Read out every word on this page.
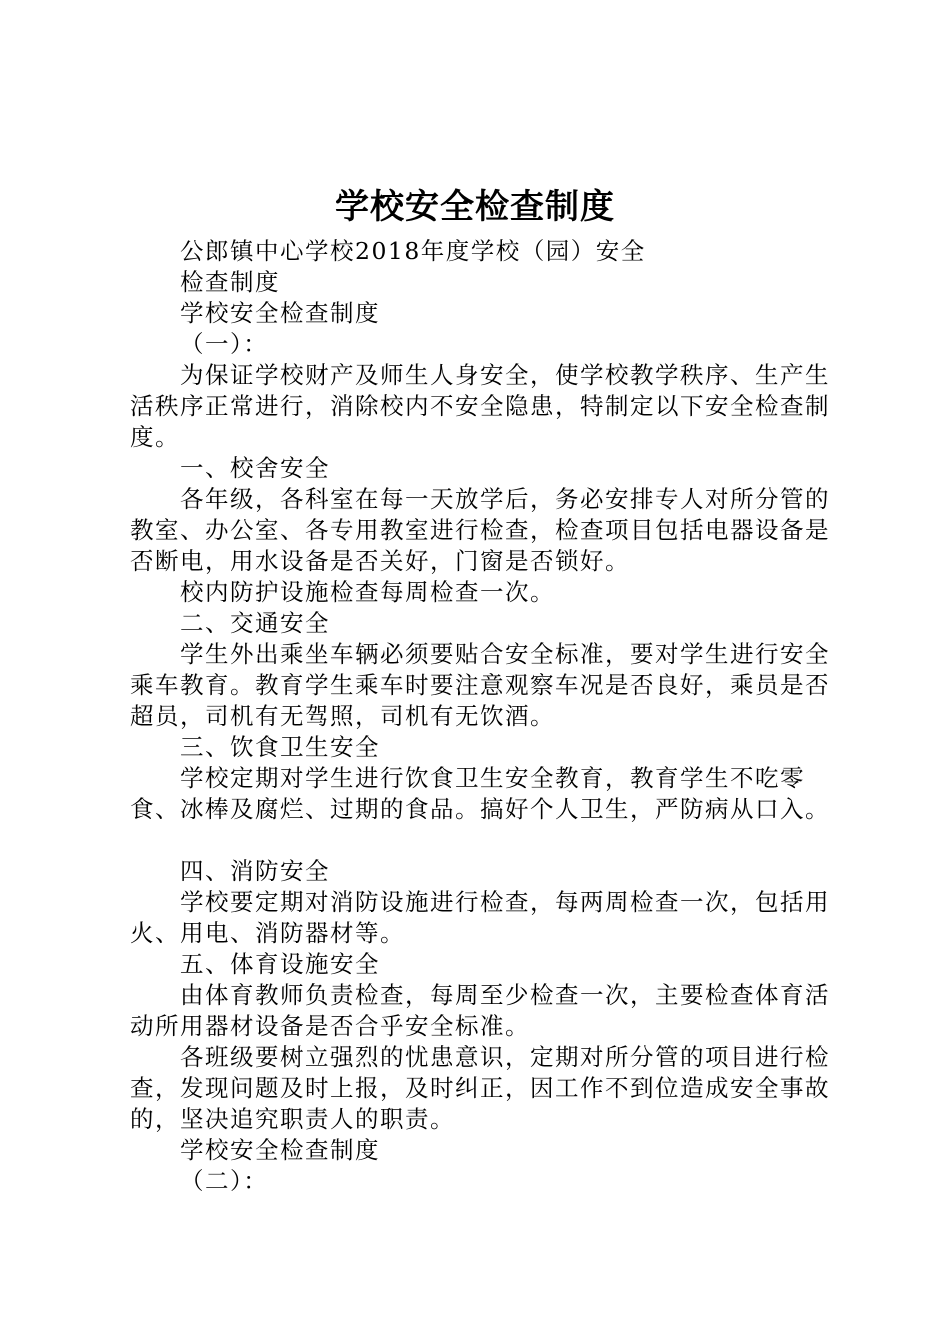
学校安全检查制度

公郎镇中心学校2018年度学校（园）安全

检查制度

学校安全检查制度

（一）：

为保证学校财产及师生人身安全，使学校教学秩序、生产生活秩序正常进行，消除校内不安全隐患，特制定以下安全检查制度。

一、校舍安全

各年级，各科室在每一天放学后，务必安排专人对所分管的教室、办公室、各专用教室进行检查，检查项目包括电器设备是否断电，用水设备是否关好，门窗是否锁好。

校内防护设施检查每周检查一次。

二、交通安全

学生外出乘坐车辆必须要贴合安全标准，要对学生进行安全乘车教育。教育学生乘车时要注意观察车况是否良好，乘员是否超员，司机有无驾照，司机有无饮酒。

三、饮食卫生安全

学校定期对学生进行饮食卫生安全教育，教育学生不吃零食、冰棒及腐烂、过期的食品。搞好个人卫生，严防病从口入。

四、消防安全

学校要定期对消防设施进行检查，每两周检查一次，包括用火、用电、消防器材等。

五、体育设施安全

由体育教师负责检查，每周至少检查一次，主要检查体育活动所用器材设备是否合乎安全标准。

各班级要树立强烈的忧患意识，定期对所分管的项目进行检查，发现问题及时上报，及时纠正，因工作不到位造成安全事故的，坚决追究职责人的职责。

学校安全检查制度

（二）：
